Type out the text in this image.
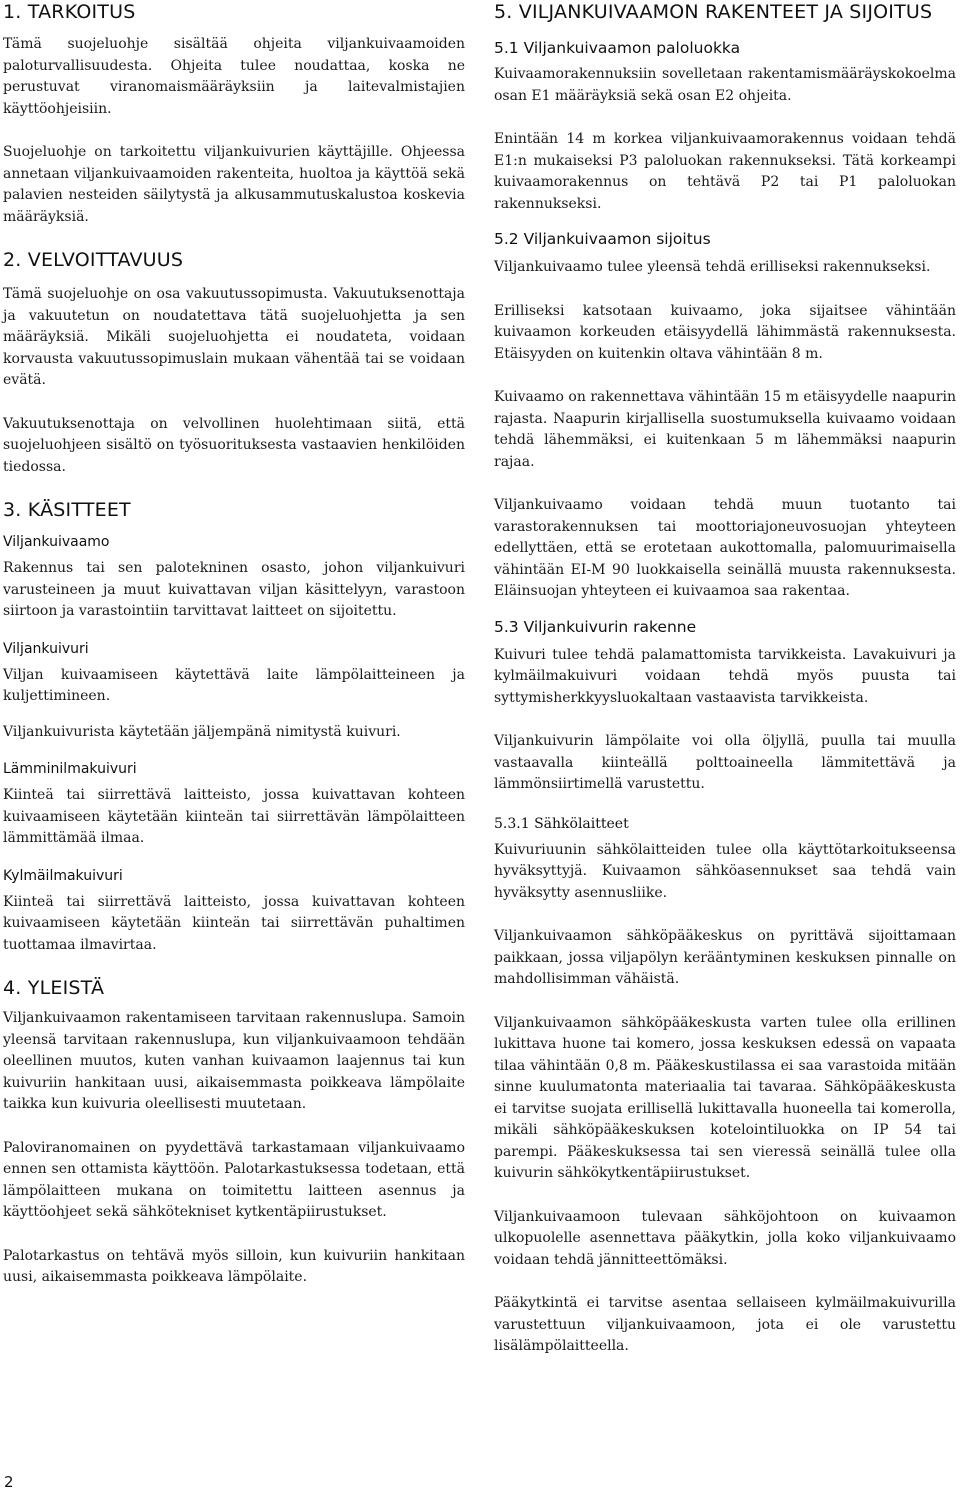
1. TARKOITUS

Tämä suojeluohje sisältää ohjeita viljankuivaamoiden paloturvallisuudesta. Ohjeita tulee noudattaa, koska ne perustuvat viranomaismääräyksiin ja laitevalmistajien käyttöohjeisiin.

Suojeluohje on tarkoitettu viljankuivurien käyttäjille. Ohjeessa annetaan viljankuivaamoiden rakenteita, huoltoa ja käyttöä sekä palavien nesteiden säilytystä ja alkusammutuskalustoa koskevia määräyksiä.

2. VELVOITTAVUUS

Tämä suojeluohje on osa vakuutussopimusta. Vakuutuksenottaja ja vakuutetun on noudatettava tätä suojeluohjetta ja sen määräyksiä. Mikäli suojeluohjetta ei noudateta, voidaan korvausta vakuutussopimuslain mukaan vähentää tai se voidaan evätä.

Vakuutuksenottaja on velvollinen huolehtimaan siitä, että suojeluohjeen sisältö on työsuorituksesta vastaavien henkilöiden tiedossa.

3. KÄSITTEET
Viljankuivaamo

Rakennus tai sen palotekninen osasto, johon viljankuivuri varusteineen ja muut kuivattavan viljan käsittelyyn, varastoon siirtoon ja varastointiin tarvittavat laitteet on sijoitettu.

Viljankuivuri

Viljan kuivaamiseen käytettävä laite lämpölaitteineen ja kuljettimineen.

Viljankuivurista käytetään jäljempänä nimitystä kuivuri.

Lämminilmakuivuri

Kiinteä tai siirrettävä laitteisto, jossa kuivattavan kohteen kuivaamiseen käytetään kiinteän tai siirrettävän lämpölaitteen lämmittämää ilmaa.

Kylmäilmakuivuri

Kiinteä tai siirrettävä laitteisto, jossa kuivattavan kohteen kuivaamiseen käytetään kiinteän tai siirrettävän puhaltimen tuottamaa ilmavirtaa.

4. YLEISTÄ

Viljankuivaamon rakentamiseen tarvitaan rakennuslupa. Samoin yleensä tarvitaan rakennuslupa, kun viljankuivaamoon tehdään oleellinen muutos, kuten vanhan kuivaamon laajennus tai kun kuivuriin hankitaan uusi, aikaisemmasta poikkeava lämpölaite taikka kun kuivuria oleellisesti muutetaan.

Paloviranomainen on pyydettävä tarkastamaan viljankuivaamo ennen sen ottamista käyttöön. Palotarkastuksessa todetaan, että lämpölaitteen mukana on toimitettu laitteen asennus ja käyttöohjeet sekä sähkötekniset kytkentäpiirustukset.

Palotarkastus on tehtävä myös silloin, kun kuivuriin hankitaan uusi, aikaisemmasta poikkeava lämpölaite.

5. VILJANKUIVAAMON RAKENTEET JA SIJOITUS
5.1 Viljankuivaamon paloluokka

Kuivaamorakennuksiin sovelletaan rakentamismääräyskokoelma osan E1 määräyksiä sekä osan E2 ohjeita.

Enintään 14 m korkea viljankuivaamorakennus voidaan tehdä E1:n mukaiseksi P3 paloluokan rakennukseksi. Tätä korkeampi kuivaamorakennus on tehtävä P2 tai P1 paloluokan rakennukseksi.

5.2 Viljankuivaamon sijoitus

Viljankuivaamo tulee yleensä tehdä erilliseksi rakennukseksi.

Erilliseksi katsotaan kuivaamo, joka sijaitsee vähintään kuivaamon korkeuden etäisyydellä lähimmästä rakennuksesta. Etäisyyden on kuitenkin oltava vähintään 8 m.

Kuivaamo on rakennettava vähintään 15 m etäisyydelle naapurin rajasta. Naapurin kirjallisella suostumuksella kuivaamo voidaan tehdä lähemmäksi, ei kuitenkaan 5 m lähemmäksi naapurin rajaa.

Viljankuivaamo voidaan tehdä muun tuotanto tai varastorakennuksen tai moottoriajoneuvosuojan yhteyteen edellyttäen, että se erotetaan aukottomalla, palomuurimaisella vähintään EI-M 90 luokkaisella seinällä muusta rakennuksesta. Eläinsuojan yhteyteen ei kuivaamoa saa rakentaa.

5.3 Viljankuivurin rakenne

Kuivuri tulee tehdä palamattomista tarvikkeista. Lavakuivuri ja kylmäilmakuivuri voidaan tehdä myös puusta tai syttymisherkkyysluokaltaan vastaavista tarvikkeista.

Viljankuivurin lämpölaite voi olla öljyllä, puulla tai muulla vastaavalla kiinteällä polttoaineella lämmitettävä ja lämmönsiirtimellä varustettu.

5.3.1 Sähkölaitteet

Kuivuriuunin sähkölaitteiden tulee olla käyttötarkoitukseensa hyväksyttyjä. Kuivaamon sähköasennukset saa tehdä vain hyväksytty asennusliike.

Viljankuivaamon sähköpääkeskus on pyrittävä sijoittamaan paikkaan, jossa viljapölyn kerääntyminen keskuksen pinnalle on mahdollisimman vähäistä.

Viljankuivaamon sähköpääkeskusta varten tulee olla erillinen lukittava huone tai komero, jossa keskuksen edessä on vapaata tilaa vähintään 0,8 m. Pääkeskustilassa ei saa varastoida mitään sinne kuulumatonta materiaalia tai tavaraa. Sähköpääkeskusta ei tarvitse suojata erillisellä lukittavalla huoneella tai komerolla, mikäli sähköpääkeskuksen kotelointiluokka on IP 54 tai parempi. Pääkeskuksessa tai sen vieressä seinällä tulee olla kuivurin sähkökytkentäpiirustukset.

Viljankuivaamoon tulevaan sähköjohtoon on kuivaamon ulkopuolelle asennettava pääkytkin, jolla koko viljankuivaamo voidaan tehdä jännitteettömäksi.

Pääkytkintä ei tarvitse asentaa sellaiseen kylmäilmakuivurilla varustettuun viljankuivaamoon, jota ei ole varustettu lisälämpölaitteella.

2
